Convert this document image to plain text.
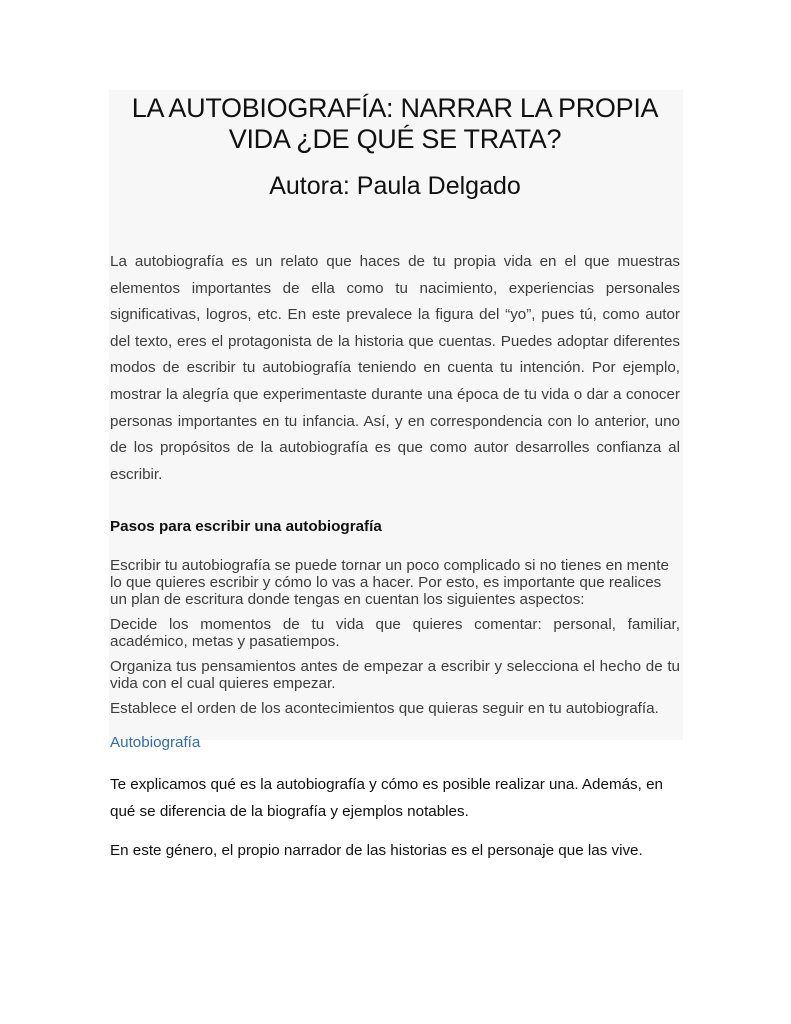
LA AUTOBIOGRAFÍA: NARRAR LA PROPIA
VIDA ¿DE QUÉ SE TRATA?
Autora: Paula Delgado

La autobiografía es un relato que haces de tu propia vida en el que muestras elementos importantes de ella como tu nacimiento, experiencias personales significativas, logros, etc. En este prevalece la figura del “yo”, pues tú, como autor del texto, eres el protagonista de la historia que cuentas. Puedes adoptar diferentes modos de escribir tu autobiografía teniendo en cuenta tu intención. Por ejemplo, mostrar la alegría que experimentaste durante una época de tu vida o dar a conocer personas importantes en tu infancia. Así, y en correspondencia con lo anterior, uno de los propósitos de la autobiografía es que como autor desarrolles confianza al escribir.

Pasos para escribir una autobiografía

Escribir tu autobiografía se puede tornar un poco complicado si no tienes en mente lo que quieres escribir y cómo lo vas a hacer. Por esto, es importante que realices un plan de escritura donde tengas en cuentan los siguientes aspectos:

Decide los momentos de tu vida que quieres comentar: personal, familiar, académico, metas y pasatiempos.

Organiza tus pensamientos antes de empezar a escribir y selecciona el hecho de tu vida con el cual quieres empezar.

Establece el orden de los acontecimientos que quieras seguir en tu autobiografía.

Autobiografía

Te explicamos qué es la autobiografía y cómo es posible realizar una. Además, en qué se diferencia de la biografía y ejemplos notables.

En este género, el propio narrador de las historias es el personaje que las vive.
